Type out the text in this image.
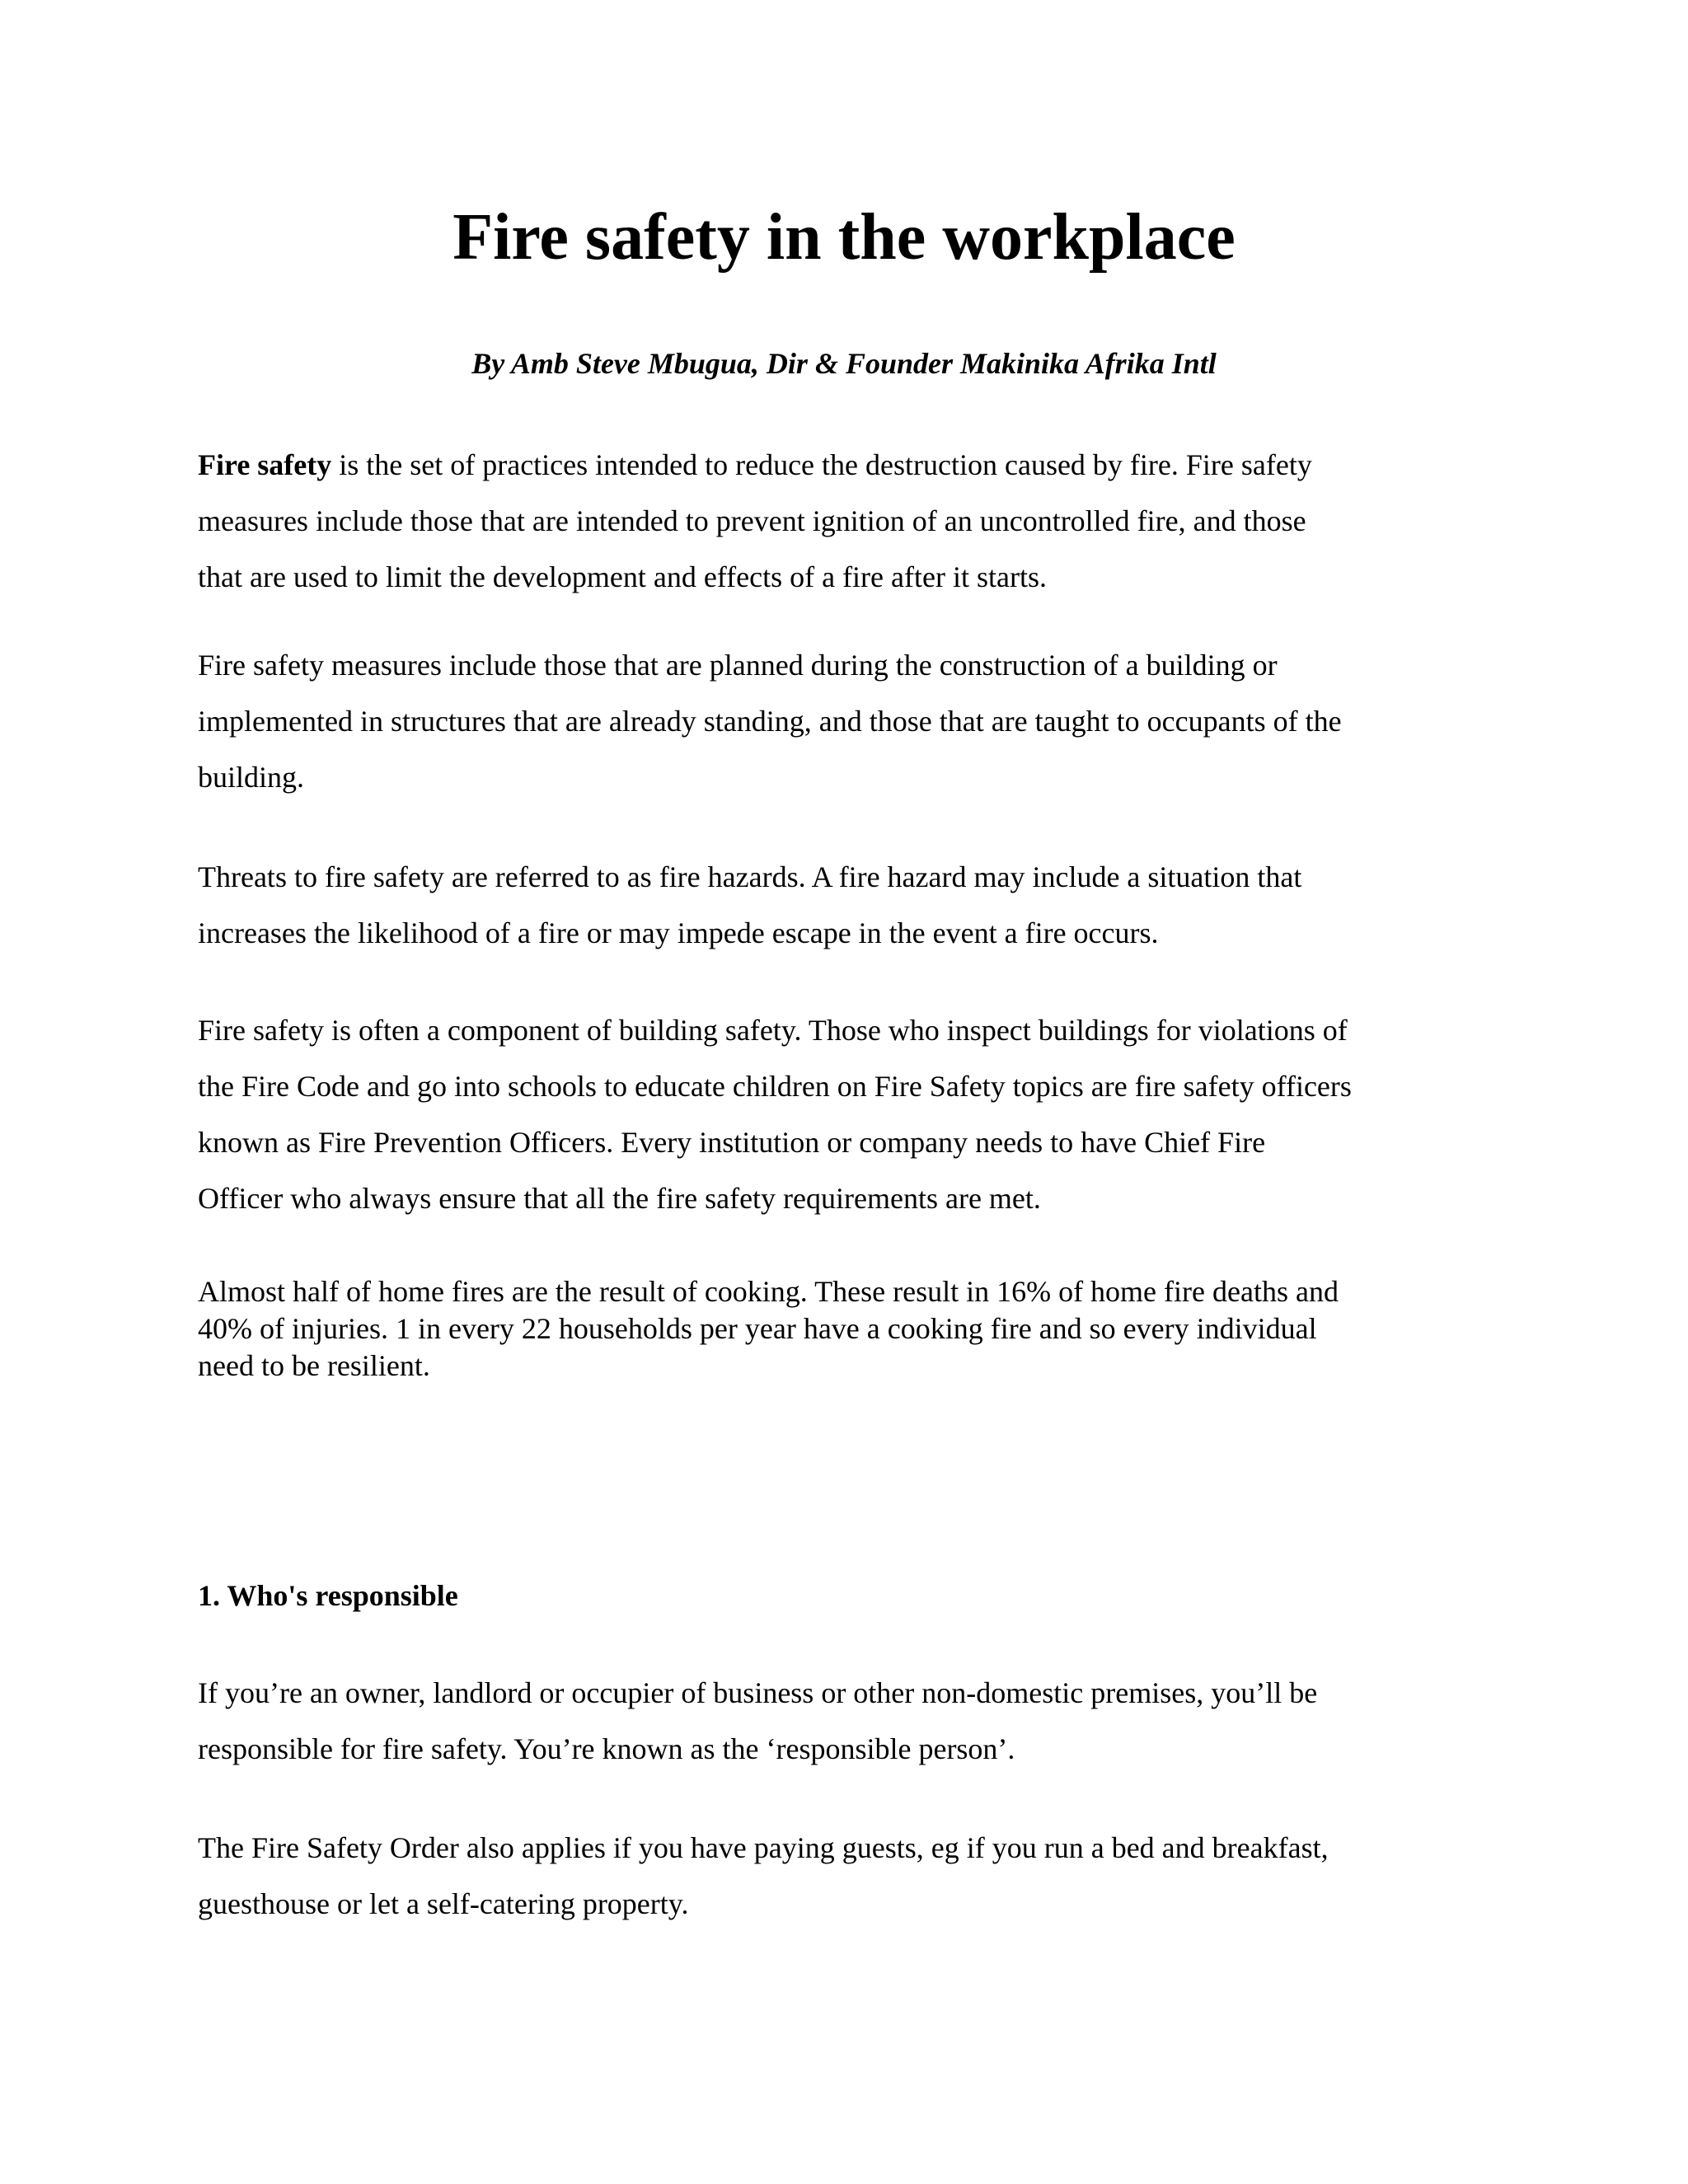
Fire safety in the workplace

By Amb Steve Mbugua, Dir & Founder Makinika Afrika Intl

Fire safety is the set of practices intended to reduce the destruction caused by fire. Fire safety
measures include those that are intended to prevent ignition of an uncontrolled fire, and those
that are used to limit the development and effects of a fire after it starts.

Fire safety measures include those that are planned during the construction of a building or
implemented in structures that are already standing, and those that are taught to occupants of the
building.

Threats to fire safety are referred to as fire hazards. A fire hazard may include a situation that
increases the likelihood of a fire or may impede escape in the event a fire occurs.

Fire safety is often a component of building safety. Those who inspect buildings for violations of
the Fire Code and go into schools to educate children on Fire Safety topics are fire safety officers
known as Fire Prevention Officers. Every institution or company needs to have Chief Fire
Officer who always ensure that all the fire safety requirements are met.

Almost half of home fires are the result of cooking. These result in 16% of home fire deaths and
40% of injuries. 1 in every 22 households per year have a cooking fire and so every individual
need to be resilient.

1. Who's responsible

If you’re an owner, landlord or occupier of business or other non-domestic premises, you’ll be
responsible for fire safety. You’re known as the ‘responsible person’.

The Fire Safety Order also applies if you have paying guests, eg if you run a bed and breakfast,
guesthouse or let a self-catering property.
